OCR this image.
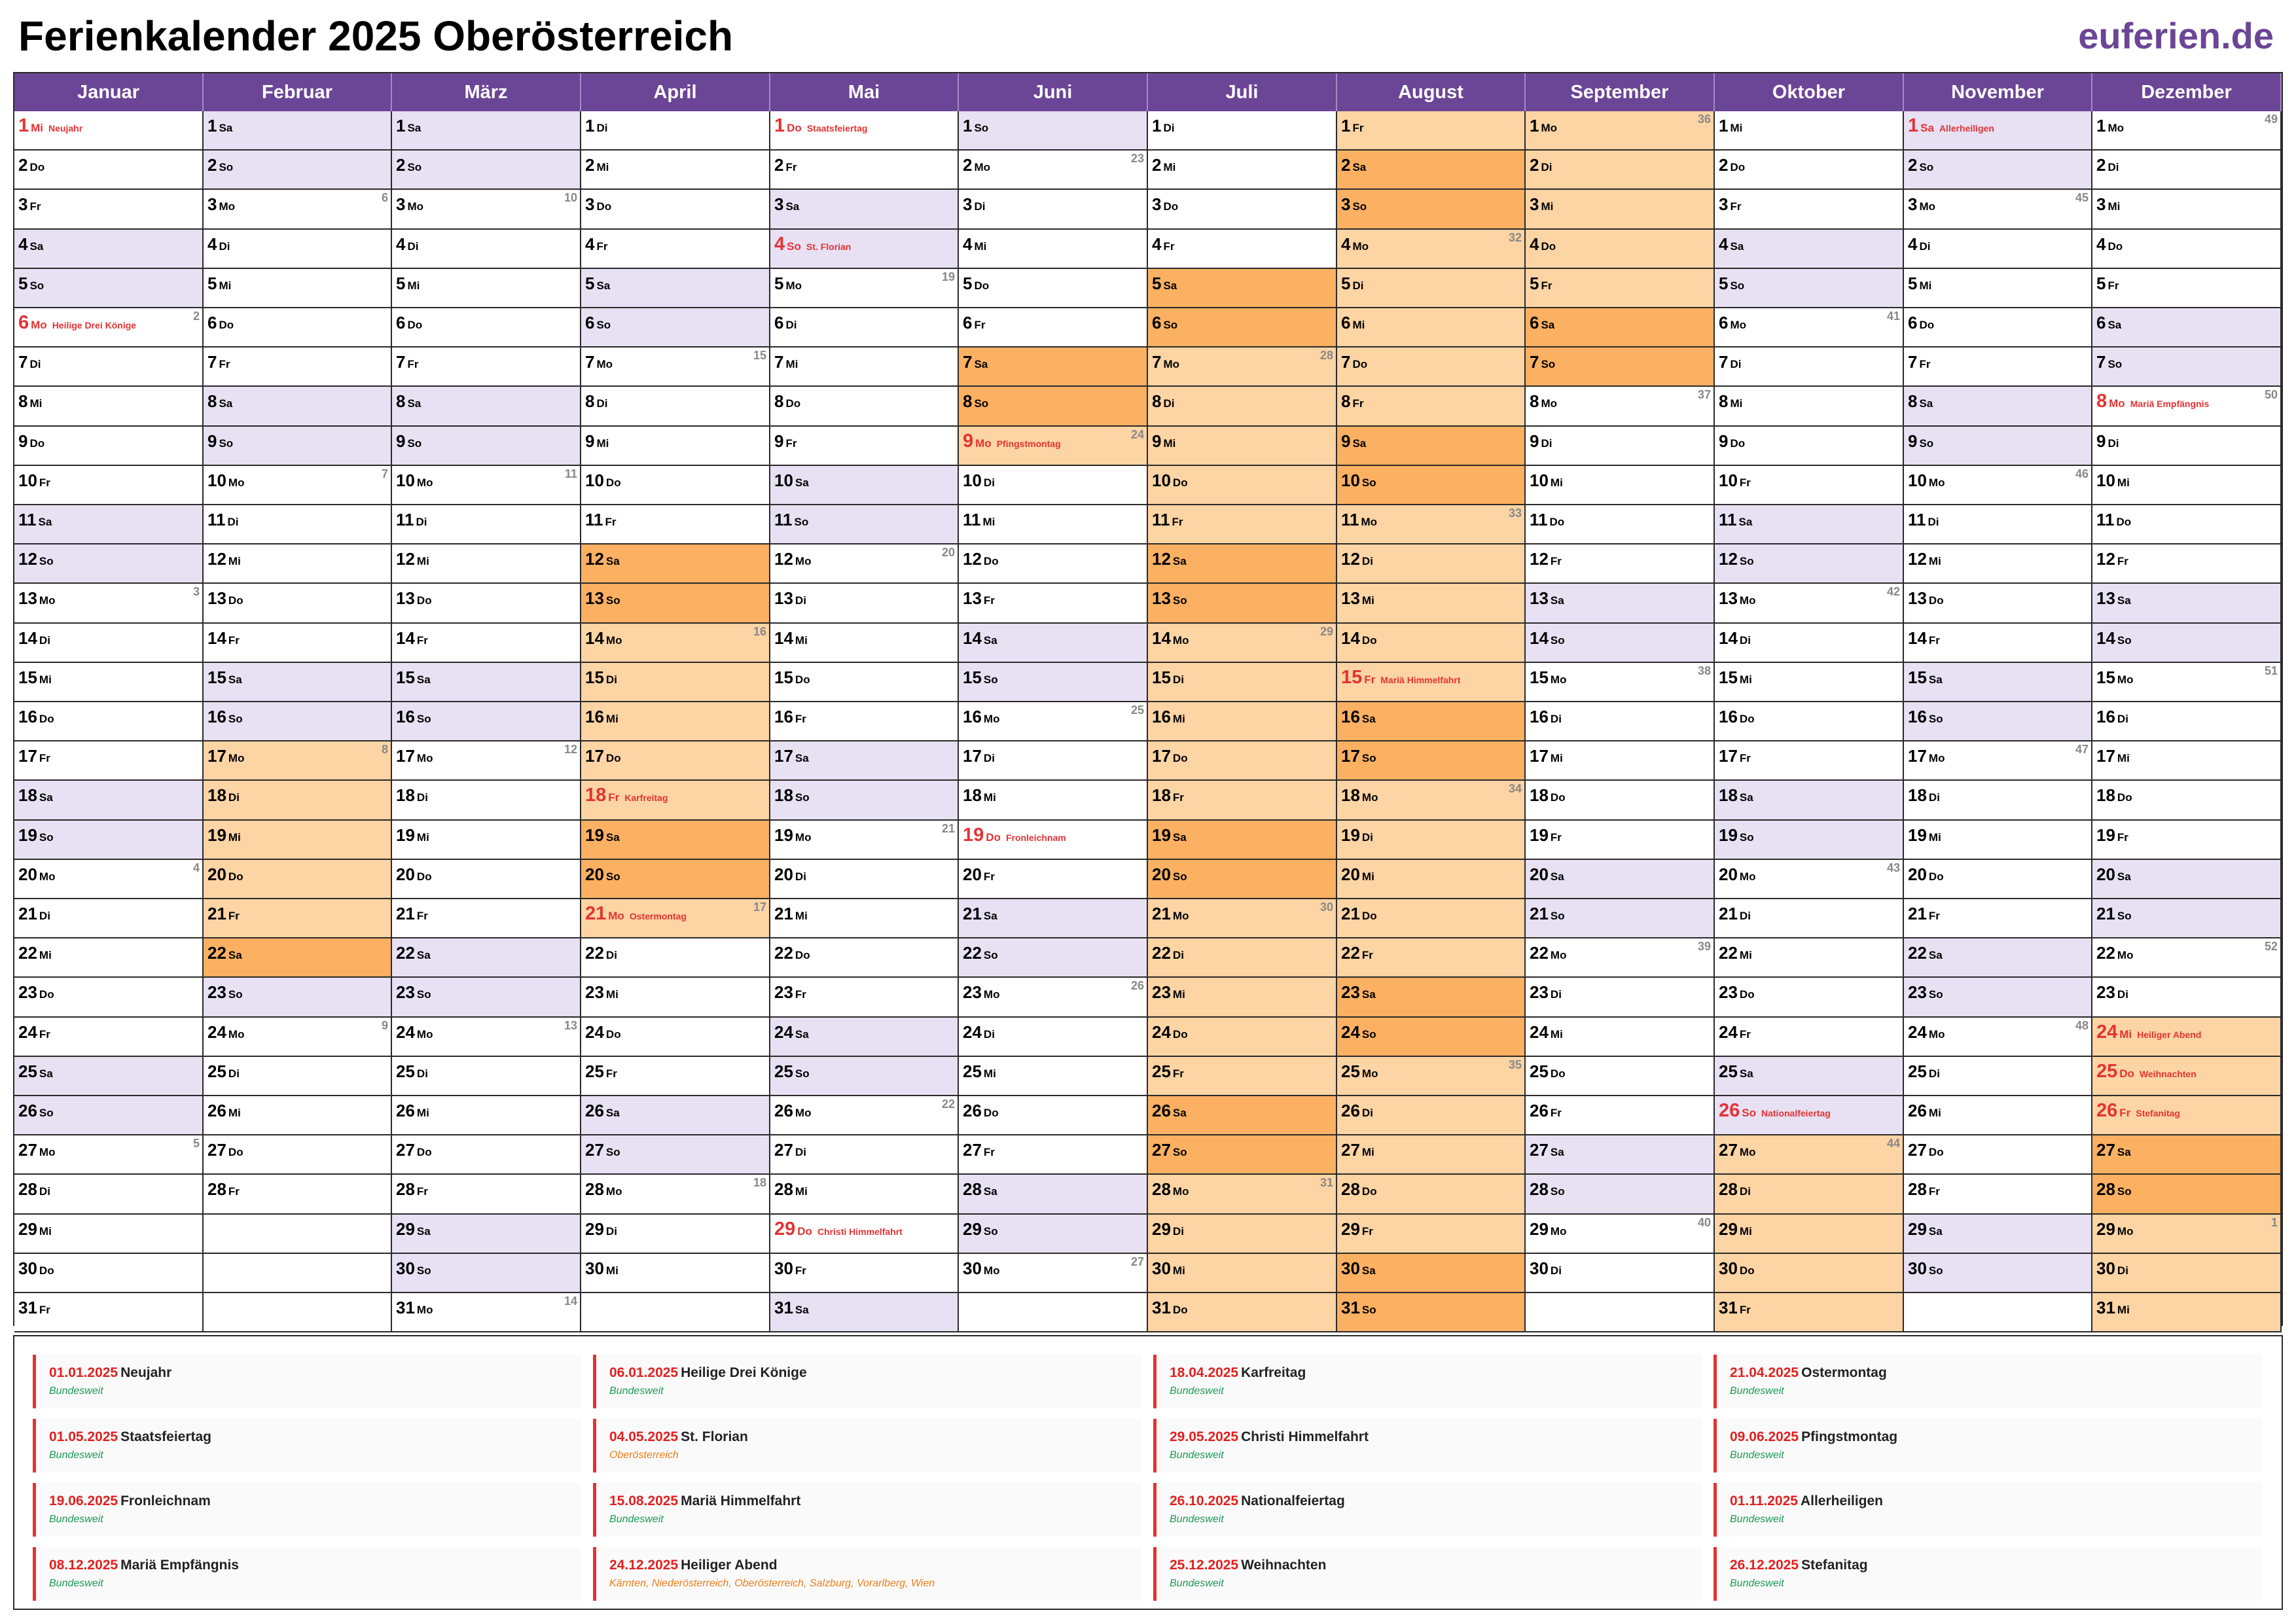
Ferienkalender 2025 Oberösterreich	euferien.de
Januar
1 Mi Neujahr
2 Do
3 Fr
4 Sa
5 So
6 Mo Heilige Drei Könige
2
7 Di
8 Mi
9 Do
10 Fr
11 Sa
12 So
13 Mo
3
14 Di
15 Mi
16 Do
17 Fr
18 Sa
19 So
20 Mo
4
21 Di
22 Mi
23 Do
24 Fr
25 Sa
26 So
27 Mo
5
28 Di
29 Mi
30 Do
31 Fr
Februar
1 Sa
2 So
3 Mo
6
4 Di
5 Mi
6 Do
7 Fr
8 Sa
9 So
10 Mo
7
11 Di
12 Mi
13 Do
14 Fr
15 Sa
16 So
17 Mo
8
18 Di
19 Mi
20 Do
21 Fr
22 Sa
23 So
24 Mo
9
25 Di
26 Mi
27 Do
28 Fr
März
1 Sa
2 So
3 Mo
10
4 Di
5 Mi
6 Do
7 Fr
8 Sa
9 So
10 Mo
11
11 Di
12 Mi
13 Do
14 Fr
15 Sa
16 So
17 Mo
12
18 Di
19 Mi
20 Do
21 Fr
22 Sa
23 So
24 Mo
13
25 Di
26 Mi
27 Do
28 Fr
29 Sa
30 So
31 Mo
14
April
1 Di
2 Mi
3 Do
4 Fr
5 Sa
6 So
7 Mo
15
8 Di
9 Mi
10 Do
11 Fr
12 Sa
13 So
14 Mo
16
15 Di
16 Mi
17 Do
18 Fr Karfreitag
19 Sa
20 So
21 Mo Ostermontag
17
22 Di
23 Mi
24 Do
25 Fr
26 Sa
27 So
28 Mo
18
29 Di
30 Mi
Mai
1 Do Staatsfeiertag
2 Fr
3 Sa
4 So St. Florian
5 Mo
19
6 Di
7 Mi
8 Do
9 Fr
10 Sa
11 So
12 Mo
20
13 Di
14 Mi
15 Do
16 Fr
17 Sa
18 So
19 Mo
21
20 Di
21 Mi
22 Do
23 Fr
24 Sa
25 So
26 Mo
22
27 Di
28 Mi
29 Do Christi Himmelfahrt
30 Fr
31 Sa
Juni
1 So
2 Mo
23
3 Di
4 Mi
5 Do
6 Fr
7 Sa
8 So
9 Mo Pfingstmontag
24
10 Di
11 Mi
12 Do
13 Fr
14 Sa
15 So
16 Mo
25
17 Di
18 Mi
19 Do Fronleichnam
20 Fr
21 Sa
22 So
23 Mo
26
24 Di
25 Mi
26 Do
27 Fr
28 Sa
29 So
30 Mo
27
Juli
1 Di
2 Mi
3 Do
4 Fr
5 Sa
6 So
7 Mo
28
8 Di
9 Mi
10 Do
11 Fr
12 Sa
13 So
14 Mo
29
15 Di
16 Mi
17 Do
18 Fr
19 Sa
20 So
21 Mo
30
22 Di
23 Mi
24 Do
25 Fr
26 Sa
27 So
28 Mo
31
29 Di
30 Mi
31 Do
August
1 Fr
2 Sa
3 So
4 Mo
32
5 Di
6 Mi
7 Do
8 Fr
9 Sa
10 So
11 Mo
33
12 Di
13 Mi
14 Do
15 Fr Mariä Himmelfahrt
16 Sa
17 So
18 Mo
34
19 Di
20 Mi
21 Do
22 Fr
23 Sa
24 So
25 Mo
35
26 Di
27 Mi
28 Do
29 Fr
30 Sa
31 So
September
1 Mo
36
2 Di
3 Mi
4 Do
5 Fr
6 Sa
7 So
8 Mo
37
9 Di
10 Mi
11 Do
12 Fr
13 Sa
14 So
15 Mo
38
16 Di
17 Mi
18 Do
19 Fr
20 Sa
21 So
22 Mo
39
23 Di
24 Mi
25 Do
26 Fr
27 Sa
28 So
29 Mo
40
30 Di
Oktober
1 Mi
2 Do
3 Fr
4 Sa
5 So
6 Mo
41
7 Di
8 Mi
9 Do
10 Fr
11 Sa
12 So
13 Mo
42
14 Di
15 Mi
16 Do
17 Fr
18 Sa
19 So
20 Mo
43
21 Di
22 Mi
23 Do
24 Fr
25 Sa
26 So Nationalfeiertag
27 Mo
44
28 Di
29 Mi
30 Do
31 Fr
November
1 Sa Allerheiligen
2 So
3 Mo
45
4 Di
5 Mi
6 Do
7 Fr
8 Sa
9 So
10 Mo
46
11 Di
12 Mi
13 Do
14 Fr
15 Sa
16 So
17 Mo
47
18 Di
19 Mi
20 Do
21 Fr
22 Sa
23 So
24 Mo
48
25 Di
26 Mi
27 Do
28 Fr
29 Sa
30 So
Dezember
1 Mo
49
2 Di
3 Mi
4 Do
5 Fr
6 Sa
7 So
8 Mo Mariä Empfängnis
50
9 Di
10 Mi
11 Do
12 Fr
13 Sa
14 So
15 Mo
51
16 Di
17 Mi
18 Do
19 Fr
20 Sa
21 So
22 Mo
52
23 Di
24 Mi Heiliger Abend
25 Do Weihnachten
26 Fr Stefanitag
27 Sa
28 So
29 Mo
1
30 Di
31 Mi
01.01.2025 Neujahr
Bundesweit
06.01.2025 Heilige Drei Könige
Bundesweit
18.04.2025 Karfreitag
Bundesweit
21.04.2025 Ostermontag
Bundesweit
01.05.2025 Staatsfeiertag
Bundesweit
04.05.2025 St. Florian
Oberösterreich
29.05.2025 Christi Himmelfahrt
Bundesweit
09.06.2025 Pfingstmontag
Bundesweit
19.06.2025 Fronleichnam
Bundesweit
15.08.2025 Mariä Himmelfahrt
Bundesweit
26.10.2025 Nationalfeiertag
Bundesweit
01.11.2025 Allerheiligen
Bundesweit
08.12.2025 Mariä Empfängnis
Bundesweit
24.12.2025 Heiliger Abend
Kärnten, Niederösterreich, Oberösterreich, Salzburg, Vorarlberg, Wien
25.12.2025 Weihnachten
Bundesweit
26.12.2025 Stefanitag
Bundesweit
